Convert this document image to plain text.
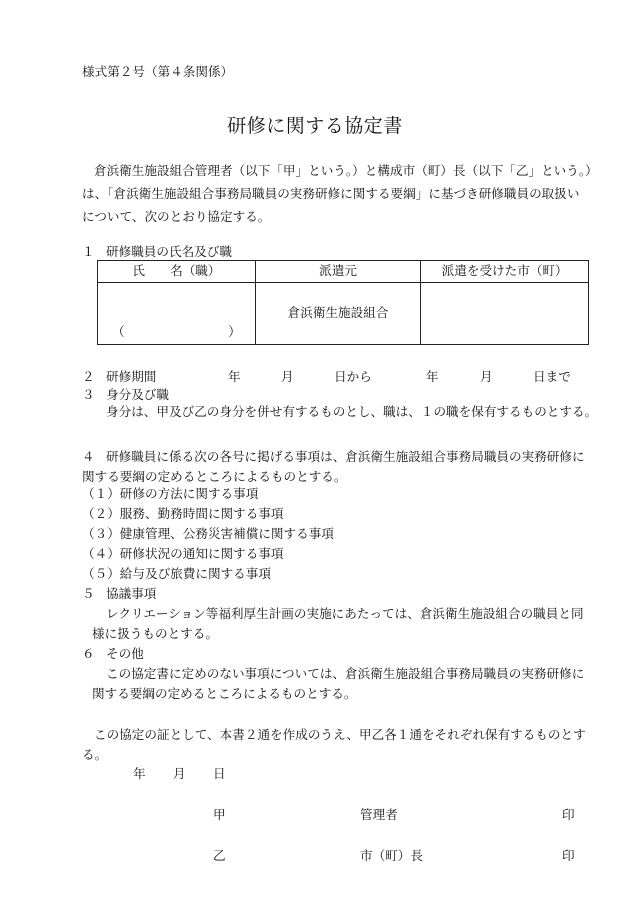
様式第２号（第４条関係）
研修に関する協定書
倉浜衛生施設組合管理者（以下「甲」という。）と構成市（町）長（以下「乙」という。）は、「倉浜衛生施設組合事務局職員の実務研修に関する要綱」に基づき研修職員の取扱いについて、次のとおり協定する。
１ 研修職員の氏名及び職
氏　　名（職）	派遣元	派遣を受けた市（町）

（ ）	倉浜衛生施設組合	
２ 研修期間	年	月	日から	年	月	日まで
３ 身分及び職
身分は、甲及び乙の身分を併せ有するものとし、職は、１の職を保有するものとする。
４ 研修職員に係る次の各号に掲げる事項は、倉浜衛生施設組合事務局職員の実務研修に関する要綱の定めるところによるものとする。
（１）研修の方法に関する事項
（２）服務、勤務時間に関する事項
（３）健康管理、公務災害補償に関する事項
（４）研修状況の通知に関する事項
（５）給与及び旅費に関する事項
５ 協議事項
レクリエーション等福利厚生計画の実施にあたっては、倉浜衛生施設組合の職員と同様に扱うものとする。
６ その他
この協定書に定めのない事項については、倉浜衛生施設組合事務局職員の実務研修に関する要綱の定めるところによるものとする。
この協定の証として、本書２通を作成のうえ、甲乙各１通をそれぞれ保有するものとする。
年 月 日
甲	管理者	印
乙	市（町）長	印
